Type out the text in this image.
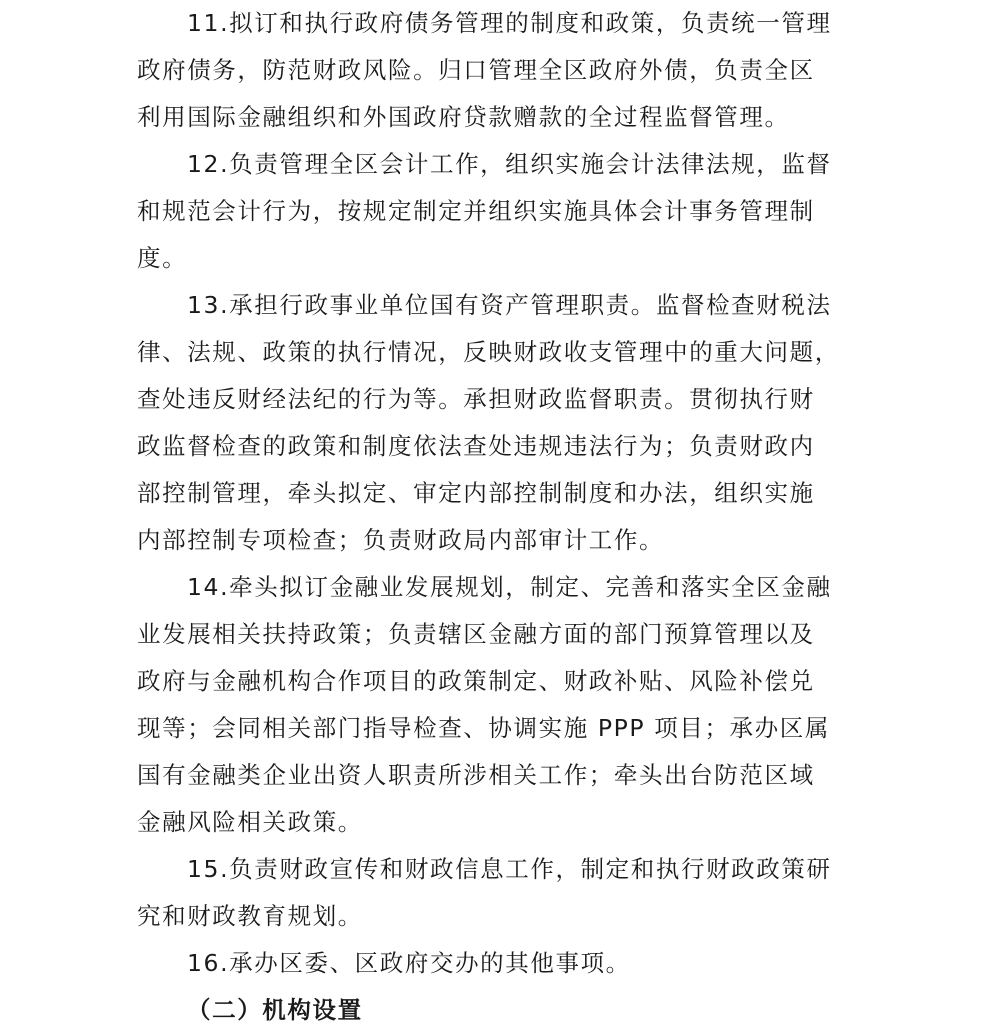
11.拟订和执行政府债务管理的制度和政策，负责统一管理
政府债务，防范财政风险。归口管理全区政府外债，负责全区
利用国际金融组织和外国政府贷款赠款的全过程监督管理。
12.负责管理全区会计工作，组织实施会计法律法规，监督
和规范会计行为，按规定制定并组织实施具体会计事务管理制
度。
13.承担行政事业单位国有资产管理职责。监督检查财税法
律、法规、政策的执行情况，反映财政收支管理中的重大问题，
查处违反财经法纪的行为等。承担财政监督职责。贯彻执行财
政监督检查的政策和制度依法查处违规违法行为；负责财政内
部控制管理，牵头拟定、审定内部控制制度和办法，组织实施
内部控制专项检查；负责财政局内部审计工作。
14.牵头拟订金融业发展规划，制定、完善和落实全区金融
业发展相关扶持政策；负责辖区金融方面的部门预算管理以及
政府与金融机构合作项目的政策制定、财政补贴、风险补偿兑
现等；会同相关部门指导检查、协调实施 PPP 项目；承办区属
国有金融类企业出资人职责所涉相关工作；牵头出台防范区域
金融风险相关政策。
15.负责财政宣传和财政信息工作，制定和执行财政政策研
究和财政教育规划。
16.承办区委、区政府交办的其他事项。
（二）机构设置
